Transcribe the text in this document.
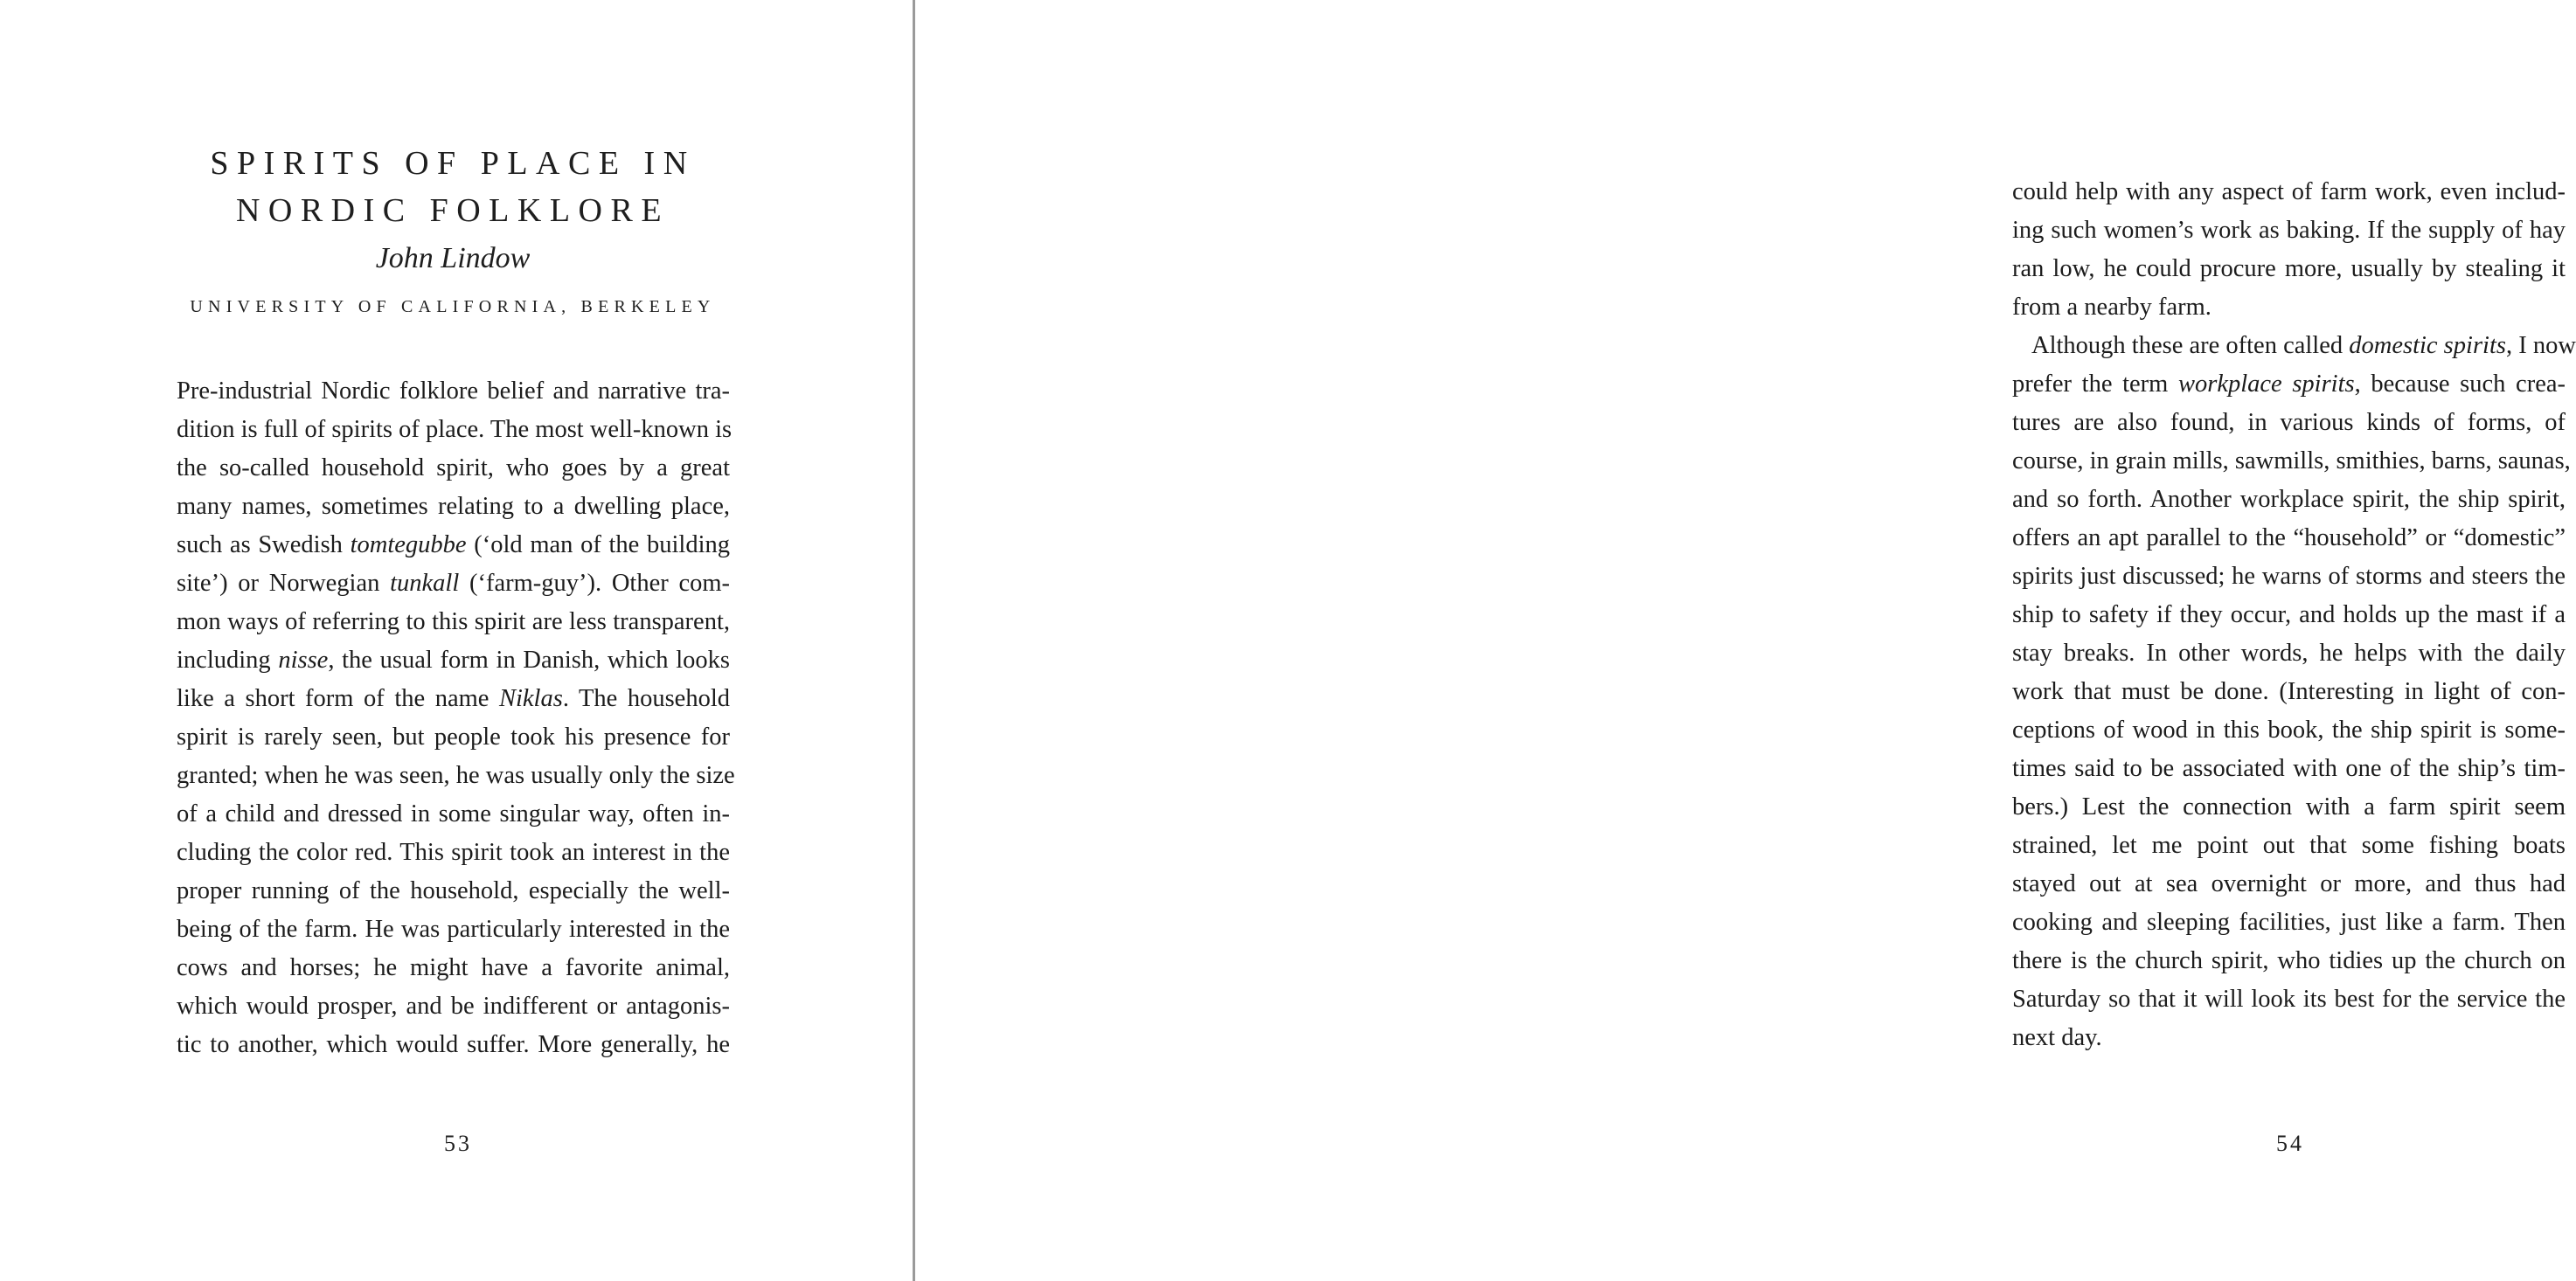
SPIRITS OF PLACE IN
NORDIC FOLKLORE
John Lindow
UNIVERSITY OF CALIFORNIA, BERKELEY
Pre-industrial Nordic folklore belief and narrative tra-
dition is full of spirits of place. The most well-known is
the so-called household spirit, who goes by a great
many names, sometimes relating to a dwelling place,
such as Swedish tomtegubbe (‘old man of the building
site’) or Norwegian tunkall (‘farm-guy’). Other com-
mon ways of referring to this spirit are less transparent,
including nisse, the usual form in Danish, which looks
like a short form of the name Niklas. The household
spirit is rarely seen, but people took his presence for
granted; when he was seen, he was usually only the size
of a child and dressed in some singular way, often in-
cluding the color red. This spirit took an interest in the
proper running of the household, especially the well-
being of the farm. He was particularly interested in the
cows and horses; he might have a favorite animal,
which would prosper, and be indifferent or antagonis-
tic to another, which would suffer. More generally, he
53
could help with any aspect of farm work, even includ-
ing such women’s work as baking. If the supply of hay
ran low, he could procure more, usually by stealing it
from a nearby farm.
Although these are often called domestic spirits, I now
prefer the term workplace spirits, because such crea-
tures are also found, in various kinds of forms, of
course, in grain mills, sawmills, smithies, barns, saunas,
and so forth. Another workplace spirit, the ship spirit,
offers an apt parallel to the “household” or “domestic”
spirits just discussed; he warns of storms and steers the
ship to safety if they occur, and holds up the mast if a
stay breaks. In other words, he helps with the daily
work that must be done. (Interesting in light of con-
ceptions of wood in this book, the ship spirit is some-
times said to be associated with one of the ship’s tim-
bers.) Lest the connection with a farm spirit seem
strained, let me point out that some fishing boats
stayed out at sea overnight or more, and thus had
cooking and sleeping facilities, just like a farm. Then
there is the church spirit, who tidies up the church on
Saturday so that it will look its best for the service the
next day.
54
